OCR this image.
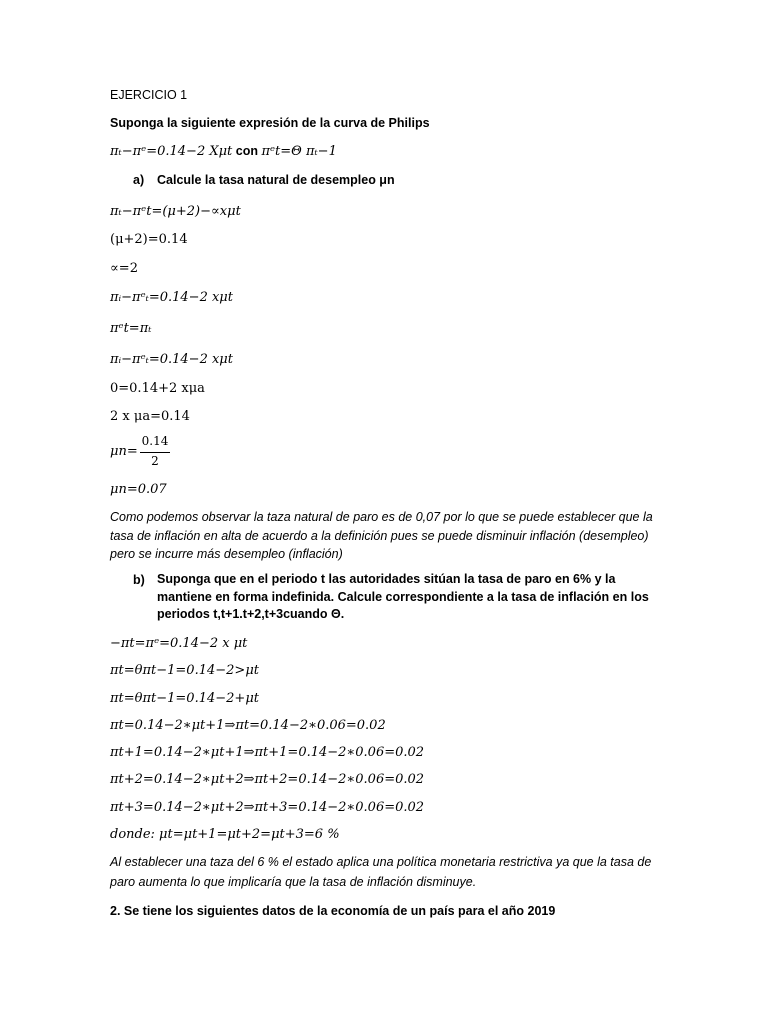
EJERCICIO 1
Suponga la siguiente expresión de la curva de Philips
πₜ−πᵉ=0.14−2 Xμt con πᵉt=Θ πₜ−1
a) Calcule la tasa natural de desempleo μn
πₜ−πᵉt=(μ+2)−∝xμt
(μ+2)=0.14
∝=2
πᵢ−πᵉₜ=0.14−2 xμt
πᵉt=πₜ
πᵢ−πᵉₜ=0.14−2 xμt
0=0.14+2 xμa
2 x μa=0.14
μn=
0.14
2
μn=0.07
Como podemos observar la taza natural de paro es de 0,07 por lo que se puede establecer que la tasa de inflación en alta de acuerdo a la definición pues se puede disminuir inflación (desempleo) pero se incurre más desempleo (inflación)
b) Suponga que en el periodo t las autoridades sitúan la tasa de paro en 6% y la mantiene en forma indefinida. Calcule correspondiente a la tasa de inflación en los periodos t,t+1.t+2,t+3cuando Θ.
−πt=πᵉ=0.14−2 x μt
πt=θπt−1=0.14−2>μt
πt=θπt−1=0.14−2+μt
πt=0.14−2∗μt+1⇒πt=0.14−2∗0.06=0.02
πt+1=0.14−2∗μt+1⇒πt+1=0.14−2∗0.06=0.02
πt+2=0.14−2∗μt+2⇒πt+2=0.14−2∗0.06=0.02
πt+3=0.14−2∗μt+2⇒πt+3=0.14−2∗0.06=0.02
donde: μt=μt+1=μt+2=μt+3=6 %
Al establecer una taza del 6 % el estado aplica una política monetaria restrictiva ya que la tasa de paro aumenta lo que implicaría que la tasa de inflación disminuye.
2. Se tiene los siguientes datos de la economía de un país para el año 2019
